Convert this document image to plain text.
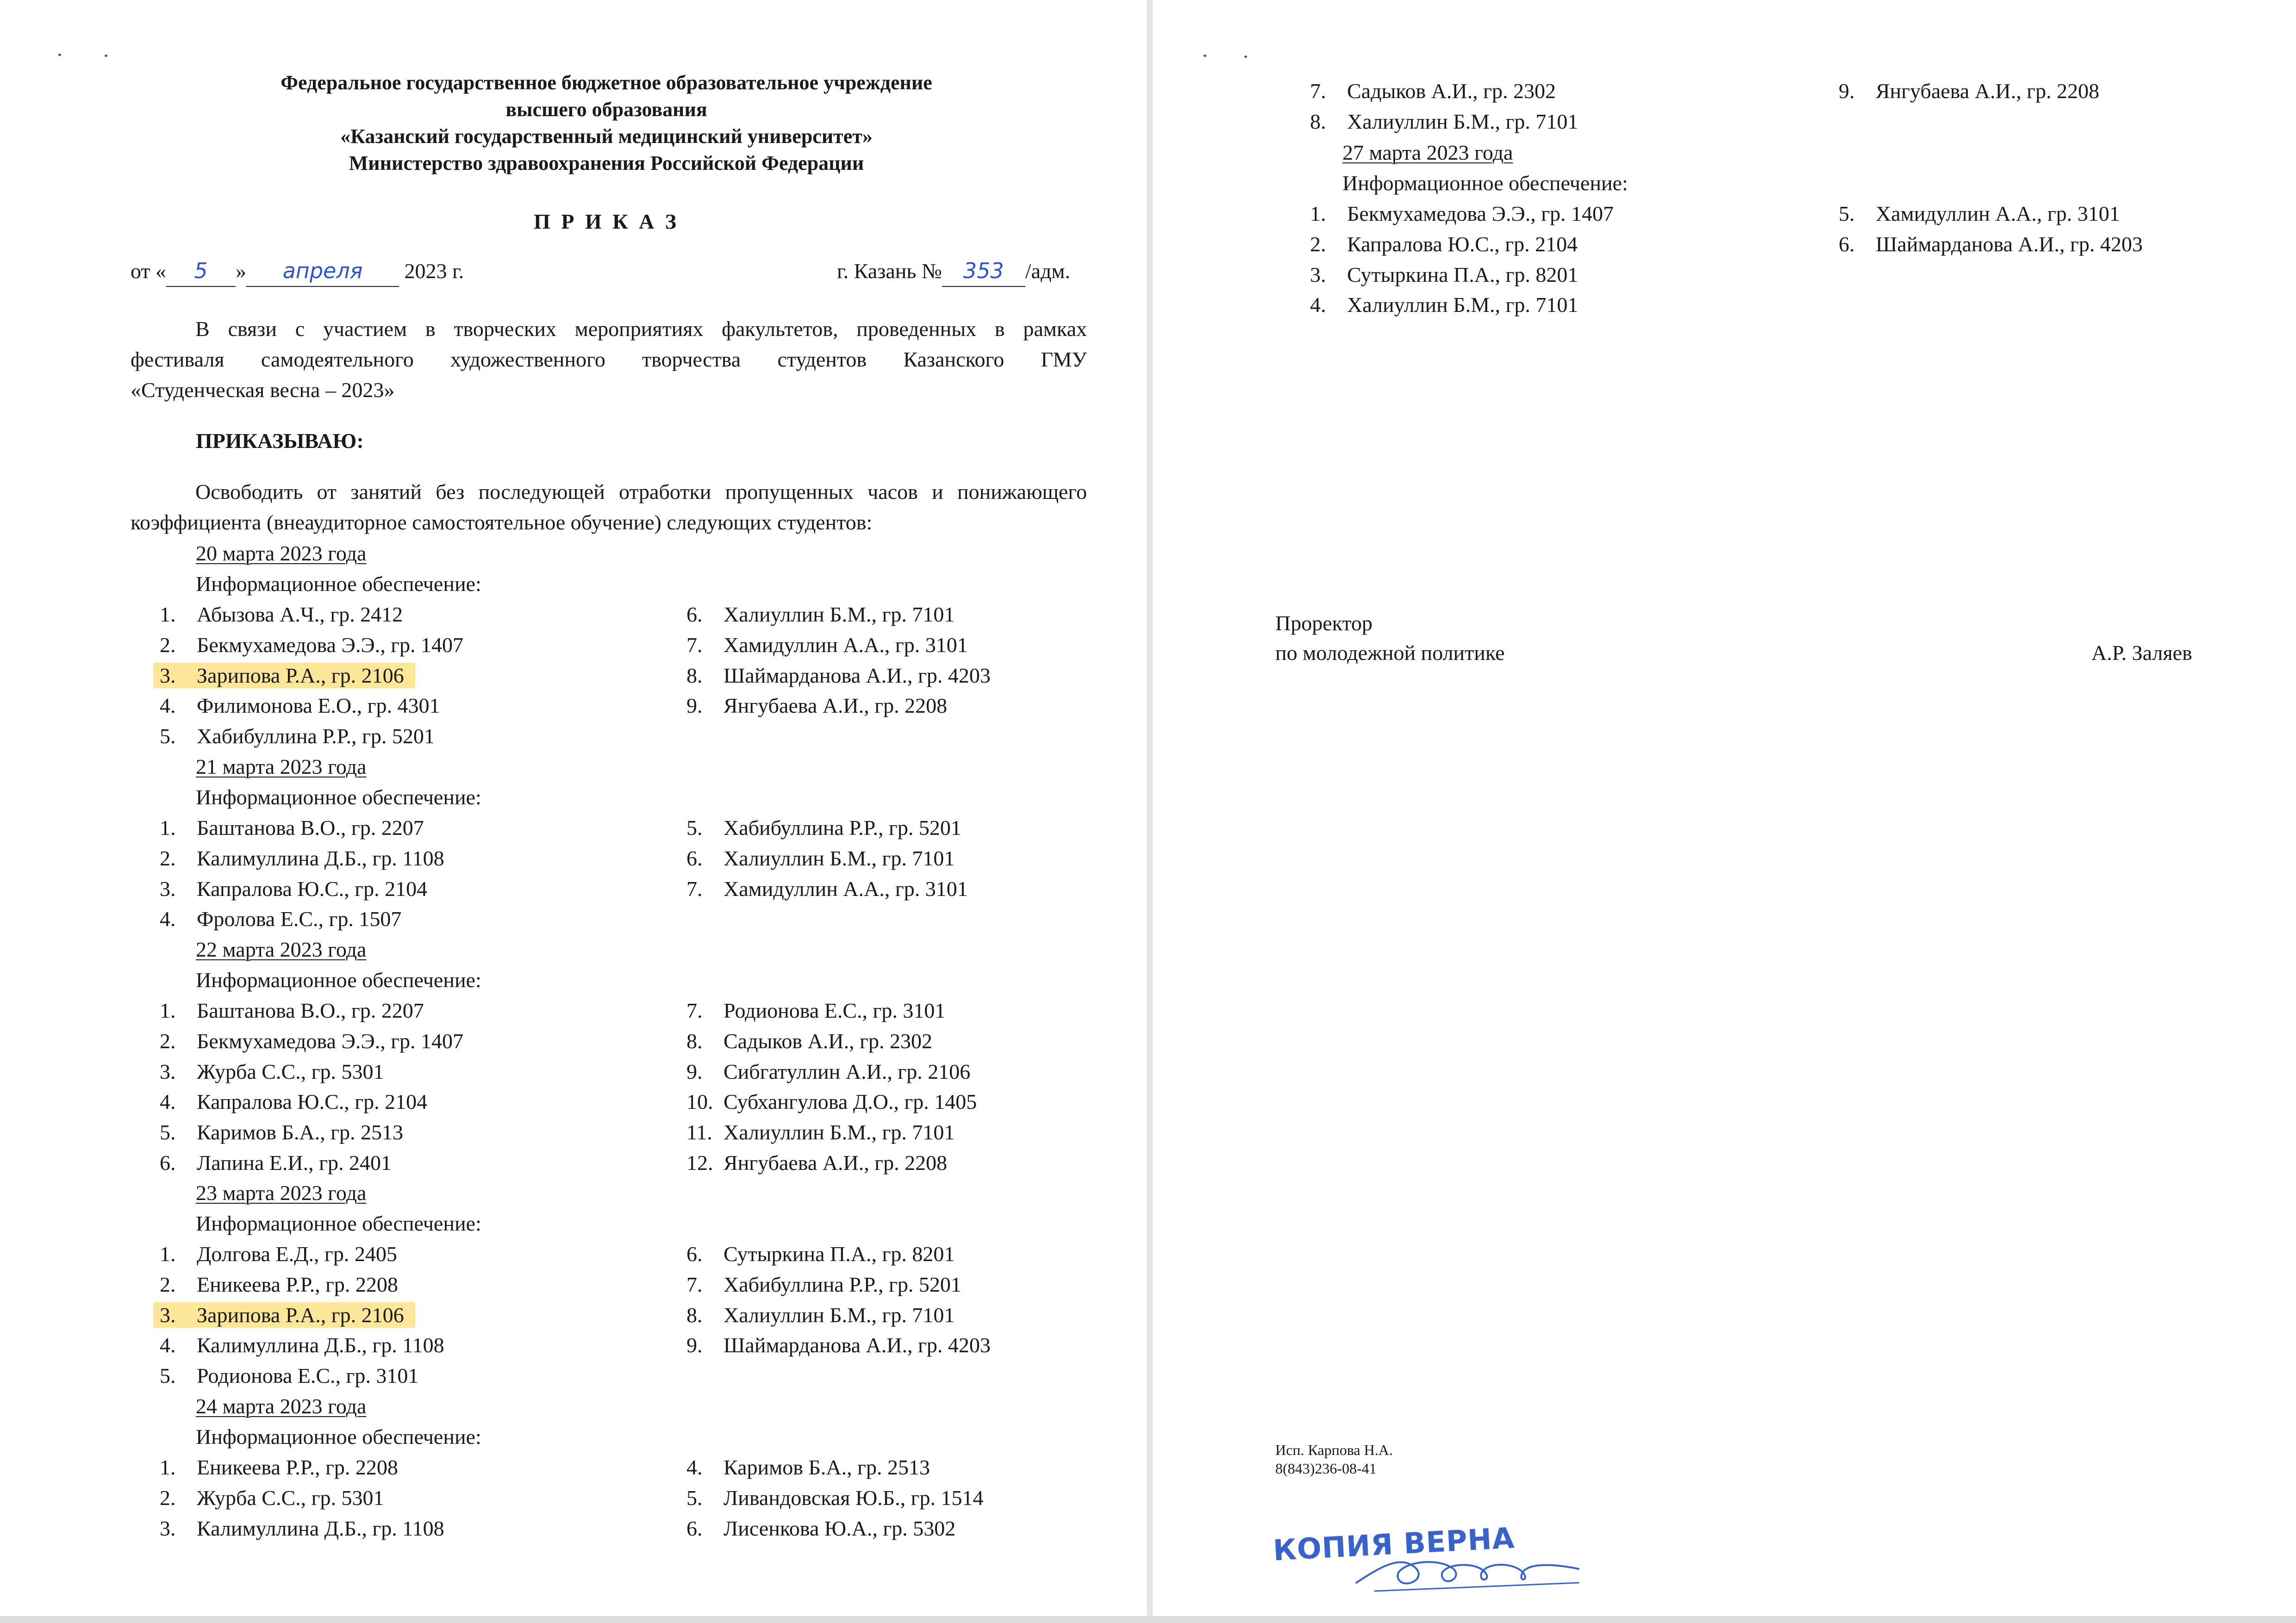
Федеральное государственное бюджетное образовательное учреждение
высшего образования
«Казанский государственный медицинский университет»
Министерство здравоохранения Российской Федерации
П Р И К А З
от « 5 » апреля 2023 г.	г. Казань № 353 /адм.
В связи с участием в творческих мероприятиях факультетов, проведенных в рамках
фестиваля самодеятельного художественного творчества студентов Казанского ГМУ
«Студенческая весна – 2023»
ПРИКАЗЫВАЮ:
Освободить от занятий без последующей отработки пропущенных часов и понижающего
коэффициента (внеаудиторное самостоятельное обучение) следующих студентов:
20 марта 2023 года
Информационное обеспечение:
1. Абызова А.Ч., гр. 2412
2. Бекмухамедова Э.Э., гр. 1407
3. Зарипова Р.А., гр. 2106
4. Филимонова Е.О., гр. 4301
5. Хабибуллина Р.Р., гр. 5201
6. Халиуллин Б.М., гр. 7101
7. Хамидуллин А.А., гр. 3101
8. Шаймарданова А.И., гр. 4203
9. Янгубаева А.И., гр. 2208
21 марта 2023 года
Информационное обеспечение:
1. Баштанова В.О., гр. 2207
2. Калимуллина Д.Б., гр. 1108
3. Капралова Ю.С., гр. 2104
4. Фролова Е.С., гр. 1507
5. Хабибуллина Р.Р., гр. 5201
6. Халиуллин Б.М., гр. 7101
7. Хамидуллин А.А., гр. 3101
22 марта 2023 года
Информационное обеспечение:
1. Баштанова В.О., гр. 2207
2. Бекмухамедова Э.Э., гр. 1407
3. Журба С.С., гр. 5301
4. Капралова Ю.С., гр. 2104
5. Каримов Б.А., гр. 2513
6. Лапина Е.И., гр. 2401
7. Родионова Е.С., гр. 3101
8. Садыков А.И., гр. 2302
9. Сибгатуллин А.И., гр. 2106
10. Субхангулова Д.О., гр. 1405
11. Халиуллин Б.М., гр. 7101
12. Янгубаева А.И., гр. 2208
23 марта 2023 года
Информационное обеспечение:
1. Долгова Е.Д., гр. 2405
2. Еникеева Р.Р., гр. 2208
3. Зарипова Р.А., гр. 2106
4. Калимуллина Д.Б., гр. 1108
5. Родионова Е.С., гр. 3101
6. Сутыркина П.А., гр. 8201
7. Хабибуллина Р.Р., гр. 5201
8. Халиуллин Б.М., гр. 7101
9. Шаймарданова А.И., гр. 4203
24 марта 2023 года
Информационное обеспечение:
1. Еникеева Р.Р., гр. 2208
2. Журба С.С., гр. 5301
3. Калимуллина Д.Б., гр. 1108
4. Каримов Б.А., гр. 2513
5. Ливандовская Ю.Б., гр. 1514
6. Лисенкова Ю.А., гр. 5302
7. Садыков А.И., гр. 2302
8. Халиуллин Б.М., гр. 7101
9. Янгубаева А.И., гр. 2208
27 марта 2023 года
Информационное обеспечение:
1. Бекмухамедова Э.Э., гр. 1407
2. Капралова Ю.С., гр. 2104
3. Сутыркина П.А., гр. 8201
4. Халиуллин Б.М., гр. 7101
5. Хамидуллин А.А., гр. 3101
6. Шаймарданова А.И., гр. 4203
Проректор
по молодежной политике	А.Р. Заляев
Исп. Карпова Н.А.
8(843)236-08-41
КОПИЯ ВЕРНА
